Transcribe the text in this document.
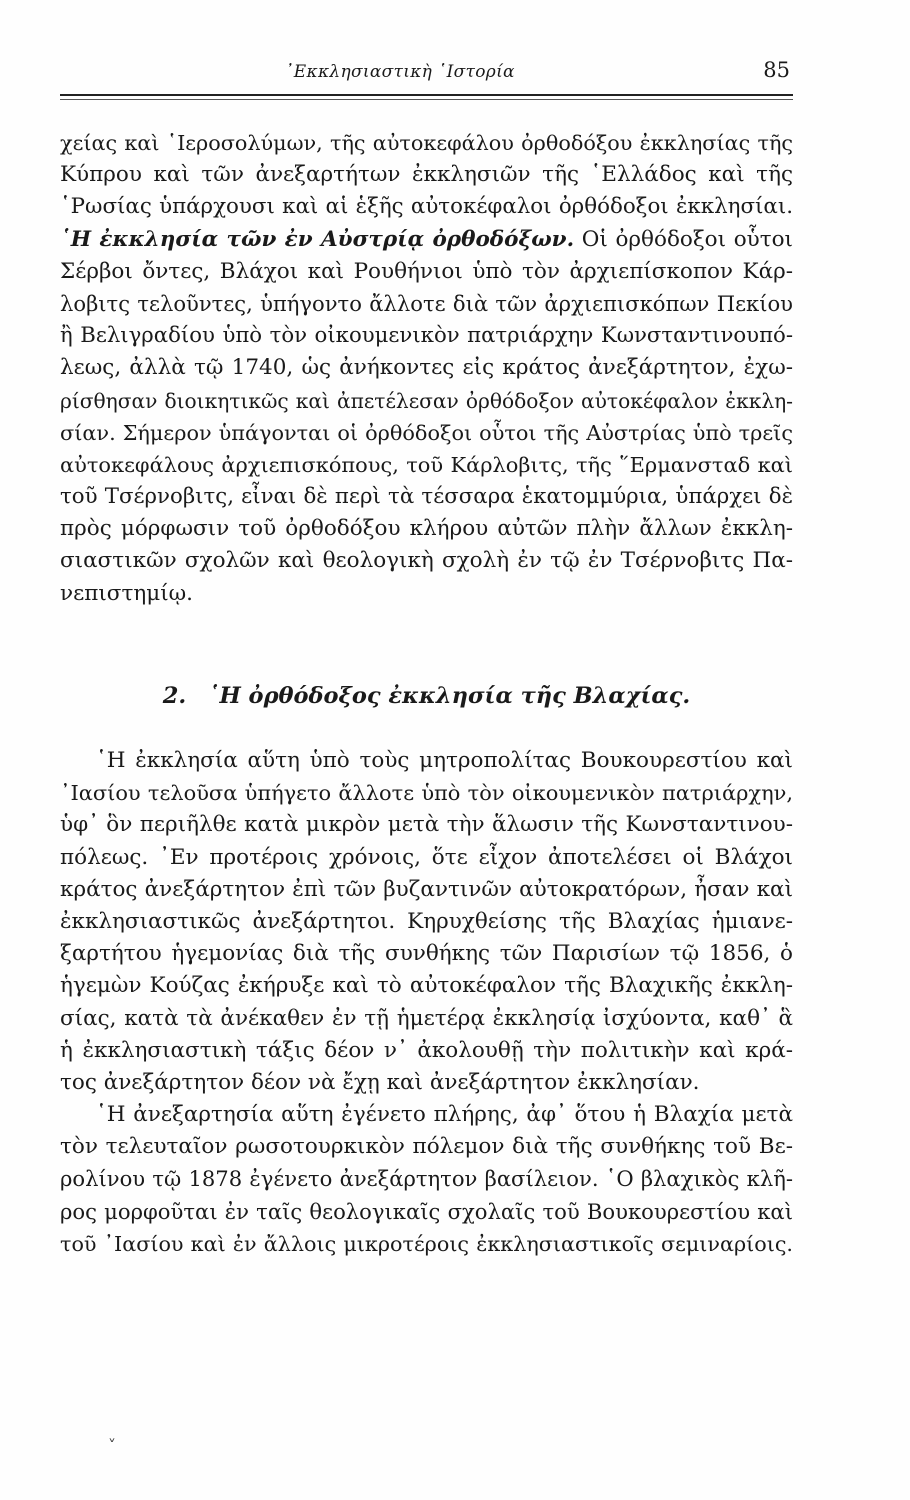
᾿Εκκλησιαστικὴ ῾Ιστορία	85
χείας καὶ ῾Ιεροσολύμων, τῆς αὐτοκεφάλου ὀρθοδόξου ἐκκλησίας τῆς
Κύπρου καὶ τῶν ἀνεξαρτήτων ἐκκλησιῶν τῆς ῾Ελλάδος καὶ τῆς
῾Ρωσίας ὑπάρχουσι καὶ αἱ ἑξῆς αὐτοκέφαλοι ὀρθόδοξοι ἐκκλησίαι.
῾Η ἐκκλησία τῶν ἐν Αὐστρίᾳ ὀρθοδόξων. Οἱ ὀρθόδοξοι οὗτοι
Σέρβοι ὄντες, Βλάχοι καὶ Ρουθήνιοι ὑπὸ τὸν ἀρχιεπίσκοπον Κάρ-
λοβιτς τελοῦντες, ὑπήγοντο ἄλλοτε διὰ τῶν ἀρχιεπισκόπων Πεκίου
ἢ Βελιγραδίου ὑπὸ τὸν οἰκουμενικὸν πατριάρχην Κωνσταντινουπό-
λεως, ἀλλὰ τῷ 1740, ὡς ἀνήκοντες εἰς κράτος ἀνεξάρτητον, ἐχω-
ρίσθησαν διοικητικῶς καὶ ἀπετέλεσαν ὀρθόδοξον αὐτοκέφαλον ἐκκλη-
σίαν. Σήμερον ὑπάγονται οἱ ὀρθόδοξοι οὗτοι τῆς Αὐστρίας ὑπὸ τρεῖς
αὐτοκεφάλους ἀρχιεπισκόπους, τοῦ Κάρλοβιτς, τῆς ῞Ερμανσταδ καὶ
τοῦ Τσέρνοβιτς, εἶναι δὲ περὶ τὰ τέσσαρα ἑκατομμύρια, ὑπάρχει δὲ
πρὸς μόρφωσιν τοῦ ὀρθοδόξου κλήρου αὐτῶν πλὴν ἄλλων ἐκκλη-
σιαστικῶν σχολῶν καὶ θεολογικὴ σχολὴ ἐν τῷ ἐν Τσέρνοβιτς Πα-
νεπιστημίῳ.
2. ῾Η ὀρθόδοξος ἐκκλησία τῆς Βλαχίας.
῾Η ἐκκλησία αὕτη ὑπὸ τοὺς μητροπολίτας Βουκουρεστίου καὶ
᾿Ιασίου τελοῦσα ὑπήγετο ἄλλοτε ὑπὸ τὸν οἰκουμενικὸν πατριάρχην,
ὑφ᾿ ὃν περιῆλθε κατὰ μικρὸν μετὰ τὴν ἅλωσιν τῆς Κωνσταντινου-
πόλεως. ᾿Εν προτέροις χρόνοις, ὅτε εἶχον ἀποτελέσει οἱ Βλάχοι
κράτος ἀνεξάρτητον ἐπὶ τῶν βυζαντινῶν αὐτοκρατόρων, ἦσαν καὶ
ἐκκλησιαστικῶς ἀνεξάρτητοι. Κηρυχθείσης τῆς Βλαχίας ἡμιανε-
ξαρτήτου ἡγεμονίας διὰ τῆς συνθήκης τῶν Παρισίων τῷ 1856, ὁ
ἡγεμὼν Κούζας ἐκήρυξε καὶ τὸ αὐτοκέφαλον τῆς Βλαχικῆς ἐκκλη-
σίας, κατὰ τὰ ἀνέκαθεν ἐν τῇ ἡμετέρᾳ ἐκκλησίᾳ ἰσχύοντα, καθ᾿ ἃ
ἡ ἐκκλησιαστικὴ τάξις δέον ν᾿ ἀκολουθῇ τὴν πολιτικὴν καὶ κρά-
τος ἀνεξάρτητον δέον νὰ ἔχῃ καὶ ἀνεξάρτητον ἐκκλησίαν.
῾Η ἀνεξαρτησία αὕτη ἐγένετο πλήρης, ἀφ᾿ ὅτου ἡ Βλαχία μετὰ
τὸν τελευταῖον ρωσοτουρκικὸν πόλεμον διὰ τῆς συνθήκης τοῦ Βε-
ρολίνου τῷ 1878 ἐγένετο ἀνεξάρτητον βασίλειον. ῾Ο βλαχικὸς κλῆ-
ρος μορφοῦται ἐν ταῖς θεολογικαῖς σχολαῖς τοῦ Βουκουρεστίου καὶ
τοῦ ᾿Ιασίου καὶ ἐν ἄλλοις μικροτέροις ἐκκλησιαστικοῖς σεμιναρίοις.
˅
